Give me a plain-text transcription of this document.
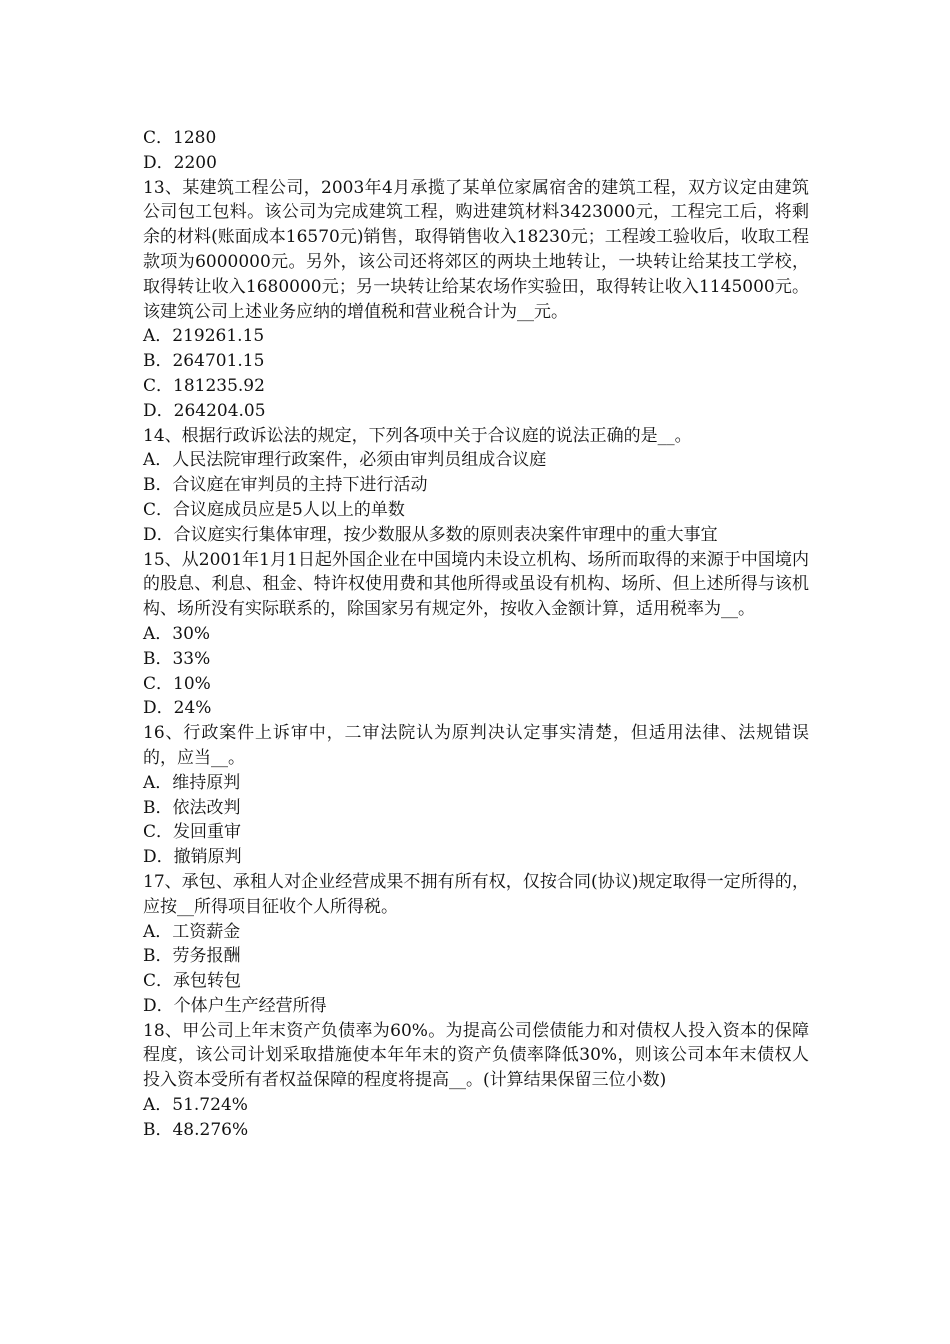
C．1280
D．2200
13、某建筑工程公司，2003年4月承揽了某单位家属宿舍的建筑工程，双方议定由建筑公司包工包料。该公司为完成建筑工程，购进建筑材料3423000元，工程完工后，将剩余的材料(账面成本16570元)销售，取得销售收入18230元；工程竣工验收后，收取工程款项为6000000元。另外，该公司还将郊区的两块土地转让，一块转让给某技工学校，取得转让收入1680000元；另一块转让给某农场作实验田，取得转让收入1145000元。该建筑公司上述业务应纳的增值税和营业税合计为__元。
A．219261.15
B．264701.15
C．181235.92
D．264204.05
14、根据行政诉讼法的规定，下列各项中关于合议庭的说法正确的是__。
A．人民法院审理行政案件，必须由审判员组成合议庭
B．合议庭在审判员的主持下进行活动
C．合议庭成员应是5人以上的单数
D．合议庭实行集体审理，按少数服从多数的原则表决案件审理中的重大事宜
15、从2001年1月1日起外国企业在中国境内未设立机构、场所而取得的来源于中国境内的股息、利息、租金、特许权使用费和其他所得或虽设有机构、场所、但上述所得与该机构、场所没有实际联系的，除国家另有规定外，按收入金额计算，适用税率为__。
A．30%
B．33%
C．10%
D．24%
16、行政案件上诉审中，二审法院认为原判决认定事实清楚，但适用法律、法规错误的，应当__。
A．维持原判
B．依法改判
C．发回重审
D．撤销原判
17、承包、承租人对企业经营成果不拥有所有权，仅按合同(协议)规定取得一定所得的，应按__所得项目征收个人所得税。
A．工资薪金
B．劳务报酬
C．承包转包
D．个体户生产经营所得
18、甲公司上年末资产负债率为60%。为提高公司偿债能力和对债权人投入资本的保障程度，该公司计划采取措施使本年年末的资产负债率降低30%，则该公司本年末债权人投入资本受所有者权益保障的程度将提高__。(计算结果保留三位小数)
A．51.724%
B．48.276%
